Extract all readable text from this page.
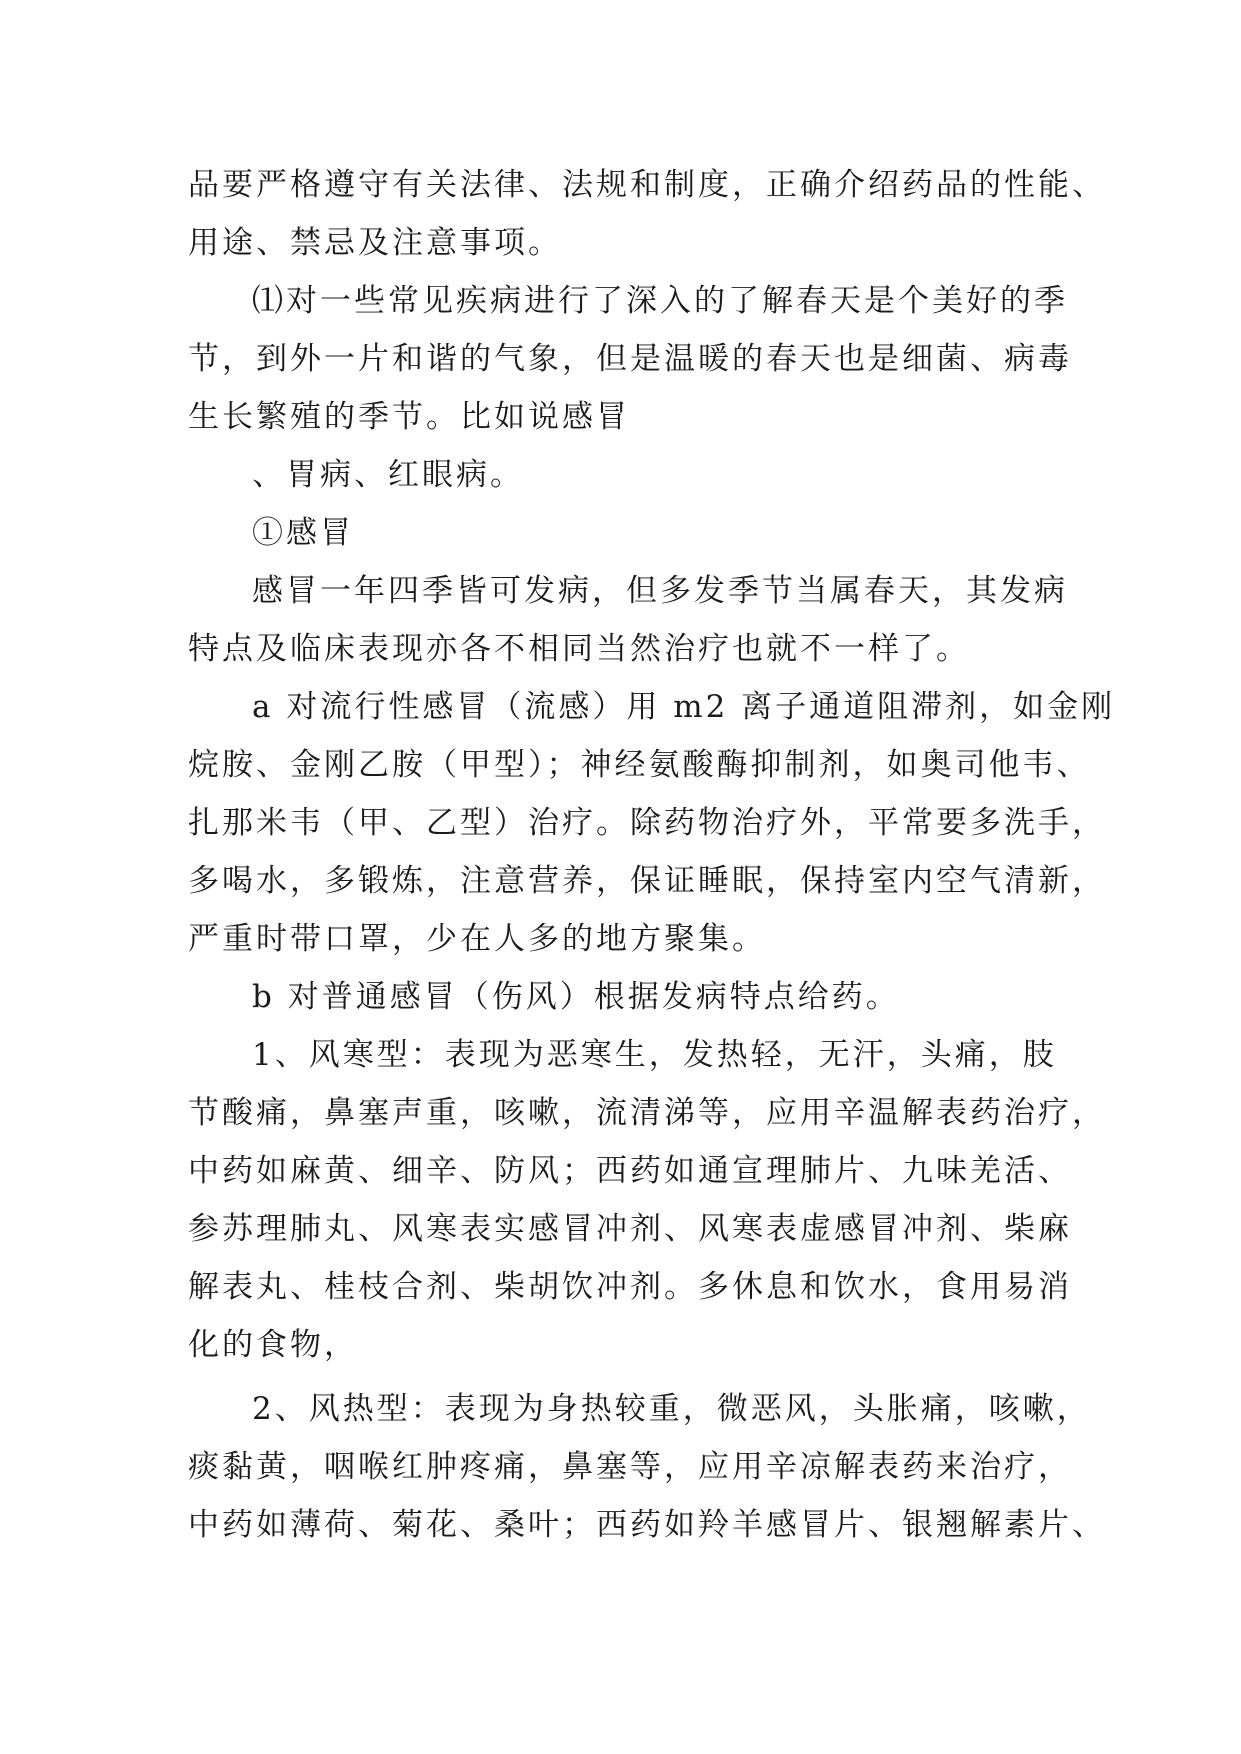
品要严格遵守有关法律、法规和制度，正确介绍药品的性能、
用途、禁忌及注意事项。
⑴对一些常见疾病进行了深入的了解春天是个美好的季
节，到外一片和谐的气象，但是温暖的春天也是细菌、病毒
生长繁殖的季节。比如说感冒
、胃病、红眼病。
①感冒
感冒一年四季皆可发病，但多发季节当属春天，其发病
特点及临床表现亦各不相同当然治疗也就不一样了。
a 对流行性感冒（流感）用 m2 离子通道阻滞剂，如金刚
烷胺、金刚乙胺（甲型）；神经氨酸酶抑制剂，如奥司他韦、
扎那米韦（甲、乙型）治疗。除药物治疗外，平常要多洗手，
多喝水，多锻炼，注意营养，保证睡眠，保持室内空气清新，
严重时带口罩，少在人多的地方聚集。
b 对普通感冒（伤风）根据发病特点给药。
1、风寒型：表现为恶寒生，发热轻，无汗，头痛，肢
节酸痛，鼻塞声重，咳嗽，流清涕等，应用辛温解表药治疗，
中药如麻黄、细辛、防风；西药如通宣理肺片、九味羌活、
参苏理肺丸、风寒表实感冒冲剂、风寒表虚感冒冲剂、柴麻
解表丸、桂枝合剂、柴胡饮冲剂。多休息和饮水，食用易消
化的食物，
2、风热型：表现为身热较重，微恶风，头胀痛，咳嗽，
痰黏黄，咽喉红肿疼痛，鼻塞等，应用辛凉解表药来治疗，
中药如薄荷、菊花、桑叶；西药如羚羊感冒片、银翘解素片、
